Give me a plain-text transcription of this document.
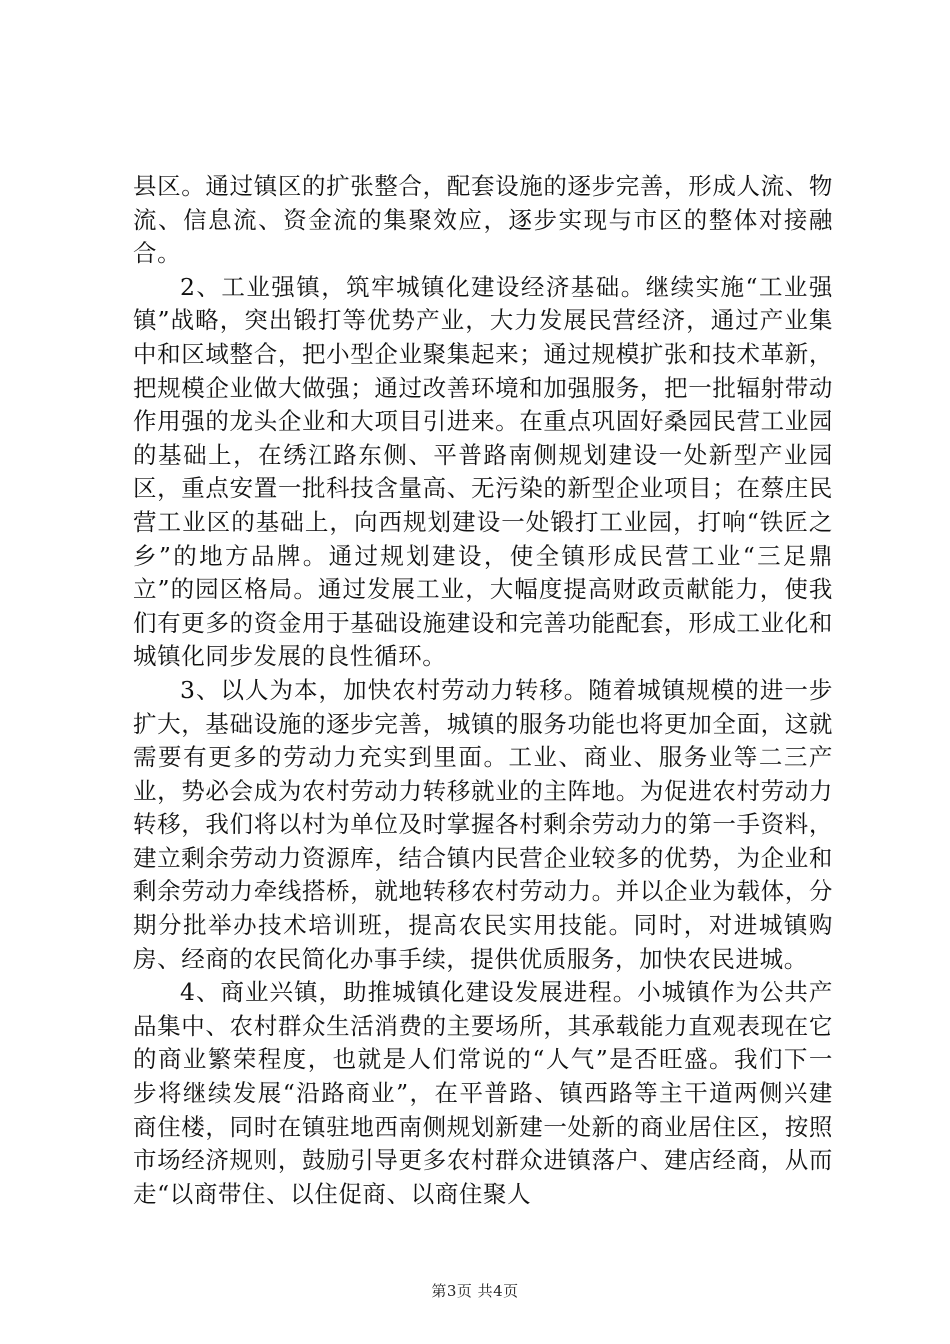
县区。通过镇区的扩张整合，配套设施的逐步完善，形成人流、物流、信息流、资金流的集聚效应，逐步实现与市区的整体对接融合。

2、工业强镇，筑牢城镇化建设经济基础。继续实施“工业强镇”战略，突出锻打等优势产业，大力发展民营经济，通过产业集中和区域整合，把小型企业聚集起来；通过规模扩张和技术革新，把规模企业做大做强；通过改善环境和加强服务，把一批辐射带动作用强的龙头企业和大项目引进来。在重点巩固好桑园民营工业园的基础上，在绣江路东侧、平普路南侧规划建设一处新型产业园区，重点安置一批科技含量高、无污染的新型企业项目；在蔡庄民营工业区的基础上，向西规划建设一处锻打工业园，打响“铁匠之乡”的地方品牌。通过规划建设，使全镇形成民营工业“三足鼎立”的园区格局。通过发展工业，大幅度提高财政贡献能力，使我们有更多的资金用于基础设施建设和完善功能配套，形成工业化和城镇化同步发展的良性循环。

3、以人为本，加快农村劳动力转移。随着城镇规模的进一步扩大，基础设施的逐步完善，城镇的服务功能也将更加全面，这就需要有更多的劳动力充实到里面。工业、商业、服务业等二三产业，势必会成为农村劳动力转移就业的主阵地。为促进农村劳动力转移，我们将以村为单位及时掌握各村剩余劳动力的第一手资料，建立剩余劳动力资源库，结合镇内民营企业较多的优势，为企业和剩余劳动力牵线搭桥，就地转移农村劳动力。并以企业为载体，分期分批举办技术培训班，提高农民实用技能。同时，对进城镇购房、经商的农民简化办事手续，提供优质服务，加快农民进城。

4、商业兴镇，助推城镇化建设发展进程。小城镇作为公共产品集中、农村群众生活消费的主要场所，其承载能力直观表现在它的商业繁荣程度，也就是人们常说的“人气”是否旺盛。我们下一步将继续发展“沿路商业”，在平普路、镇西路等主干道两侧兴建商住楼，同时在镇驻地西南侧规划新建一处新的商业居住区，按照市场经济规则，鼓励引导更多农村群众进镇落户、建店经商，从而走“以商带住、以住促商、以商住聚人

第3页 共4页
